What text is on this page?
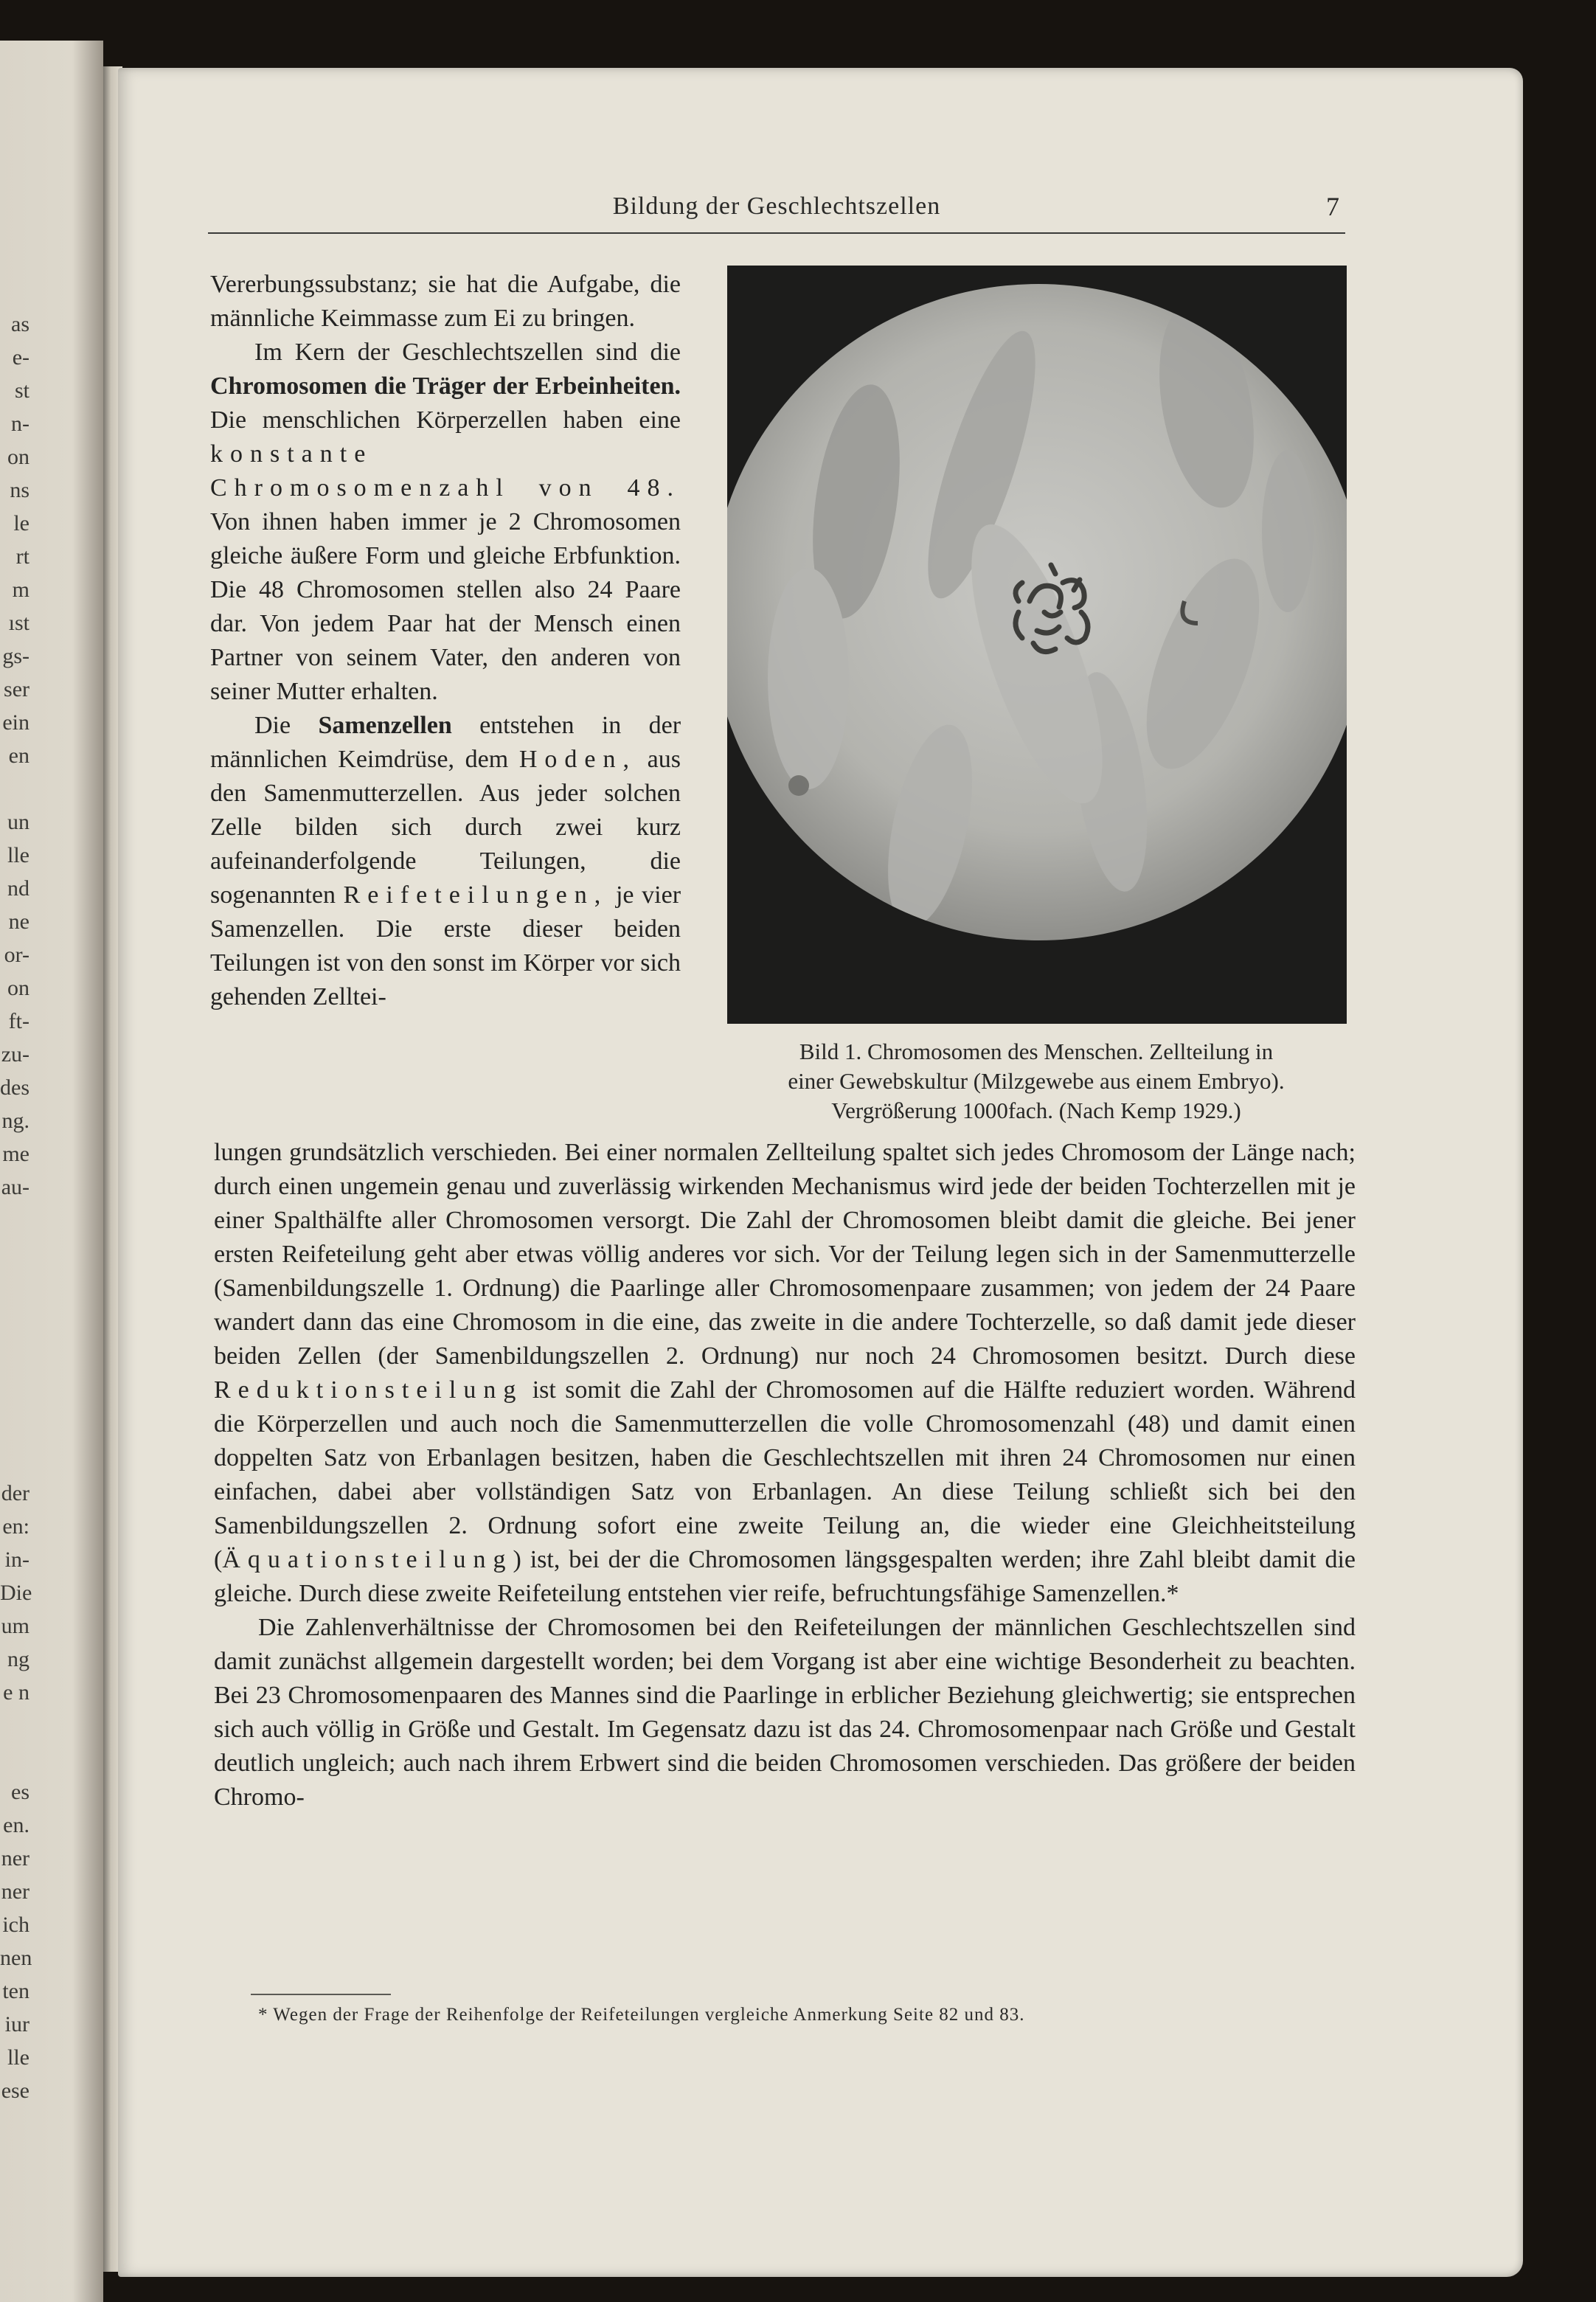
as
e-
st
n-
on
ns
le
rt
m
ıst
gs-
ser
ein
en
un
lle
nd
ne
or-
on
ft-
zu-
des
ng.
me
au-
der
en:
in-
Die
um
ng
e n
es
en.
ner
ner
ich
nen
ten
iur
lle
ese
Bildung der Geschlechtszellen	7

Vererbungssubstanz; sie hat die Aufgabe, die männliche Keimmasse zum Ei zu bringen.

Im Kern der Geschlechtszellen sind die Chromosomen die Träger der Erbeinheiten. Die menschlichen Körperzellen haben eine konstante Chromosomenzahl von 48. Von ihnen haben immer je 2 Chromosomen gleiche äußere Form und gleiche Erbfunktion. Die 48 Chromosomen stellen also 24 Paare dar. Von jedem Paar hat der Mensch einen Partner von seinem Vater, den anderen von seiner Mutter erhalten.

Die Samenzellen entstehen in der männlichen Keimdrüse, dem Hoden, aus den Samenmutterzellen. Aus jeder solchen Zelle bilden sich durch zwei kurz aufeinanderfolgende Teilungen, die sogenannten Reifeteilungen, je vier Samenzellen. Die erste dieser beiden Teilungen ist von den sonst im Körper vor sich gehenden Zelltei-

Bild 1. Chromosomen des Menschen. Zellteilung in
einer Gewebskultur (Milzgewebe aus einem Embryo).
Vergrößerung 1000fach. (Nach Kemp 1929.)

lungen grundsätzlich verschieden. Bei einer normalen Zellteilung spaltet sich jedes Chromosom der Länge nach; durch einen ungemein genau und zuverlässig wirkenden Mechanismus wird jede der beiden Tochterzellen mit je einer Spalthälfte aller Chromosomen versorgt. Die Zahl der Chromosomen bleibt damit die gleiche. Bei jener ersten Reifeteilung geht aber etwas völlig anderes vor sich. Vor der Teilung legen sich in der Samenmutterzelle (Samenbildungszelle 1. Ordnung) die Paarlinge aller Chromosomenpaare zusammen; von jedem der 24 Paare wandert dann das eine Chromosom in die eine, das zweite in die andere Tochterzelle, so daß damit jede dieser beiden Zellen (der Samenbildungszellen 2. Ordnung) nur noch 24 Chromosomen besitzt. Durch diese Reduktionsteilung ist somit die Zahl der Chromosomen auf die Hälfte reduziert worden. Während die Körperzellen und auch noch die Samenmutterzellen die volle Chromosomenzahl (48) und damit einen doppelten Satz von Erbanlagen besitzen, haben die Geschlechtszellen mit ihren 24 Chromosomen nur einen einfachen, dabei aber vollständigen Satz von Erbanlagen. An diese Teilung schließt sich bei den Samenbildungszellen 2. Ordnung sofort eine zweite Teilung an, die wieder eine Gleichheitsteilung (Äquationsteilung) ist, bei der die Chromosomen längsgespalten werden; ihre Zahl bleibt damit die gleiche. Durch diese zweite Reifeteilung entstehen vier reife, befruchtungsfähige Samenzellen.*

Die Zahlenverhältnisse der Chromosomen bei den Reifeteilungen der männlichen Geschlechtszellen sind damit zunächst allgemein dargestellt worden; bei dem Vorgang ist aber eine wichtige Besonderheit zu beachten. Bei 23 Chromosomenpaaren des Mannes sind die Paarlinge in erblicher Beziehung gleichwertig; sie entsprechen sich auch völlig in Größe und Gestalt. Im Gegensatz dazu ist das 24. Chromosomenpaar nach Größe und Gestalt deutlich ungleich; auch nach ihrem Erbwert sind die beiden Chromosomen verschieden. Das größere der beiden Chromo-

* Wegen der Frage der Reihenfolge der Reifeteilungen vergleiche Anmerkung Seite 82 und 83.
